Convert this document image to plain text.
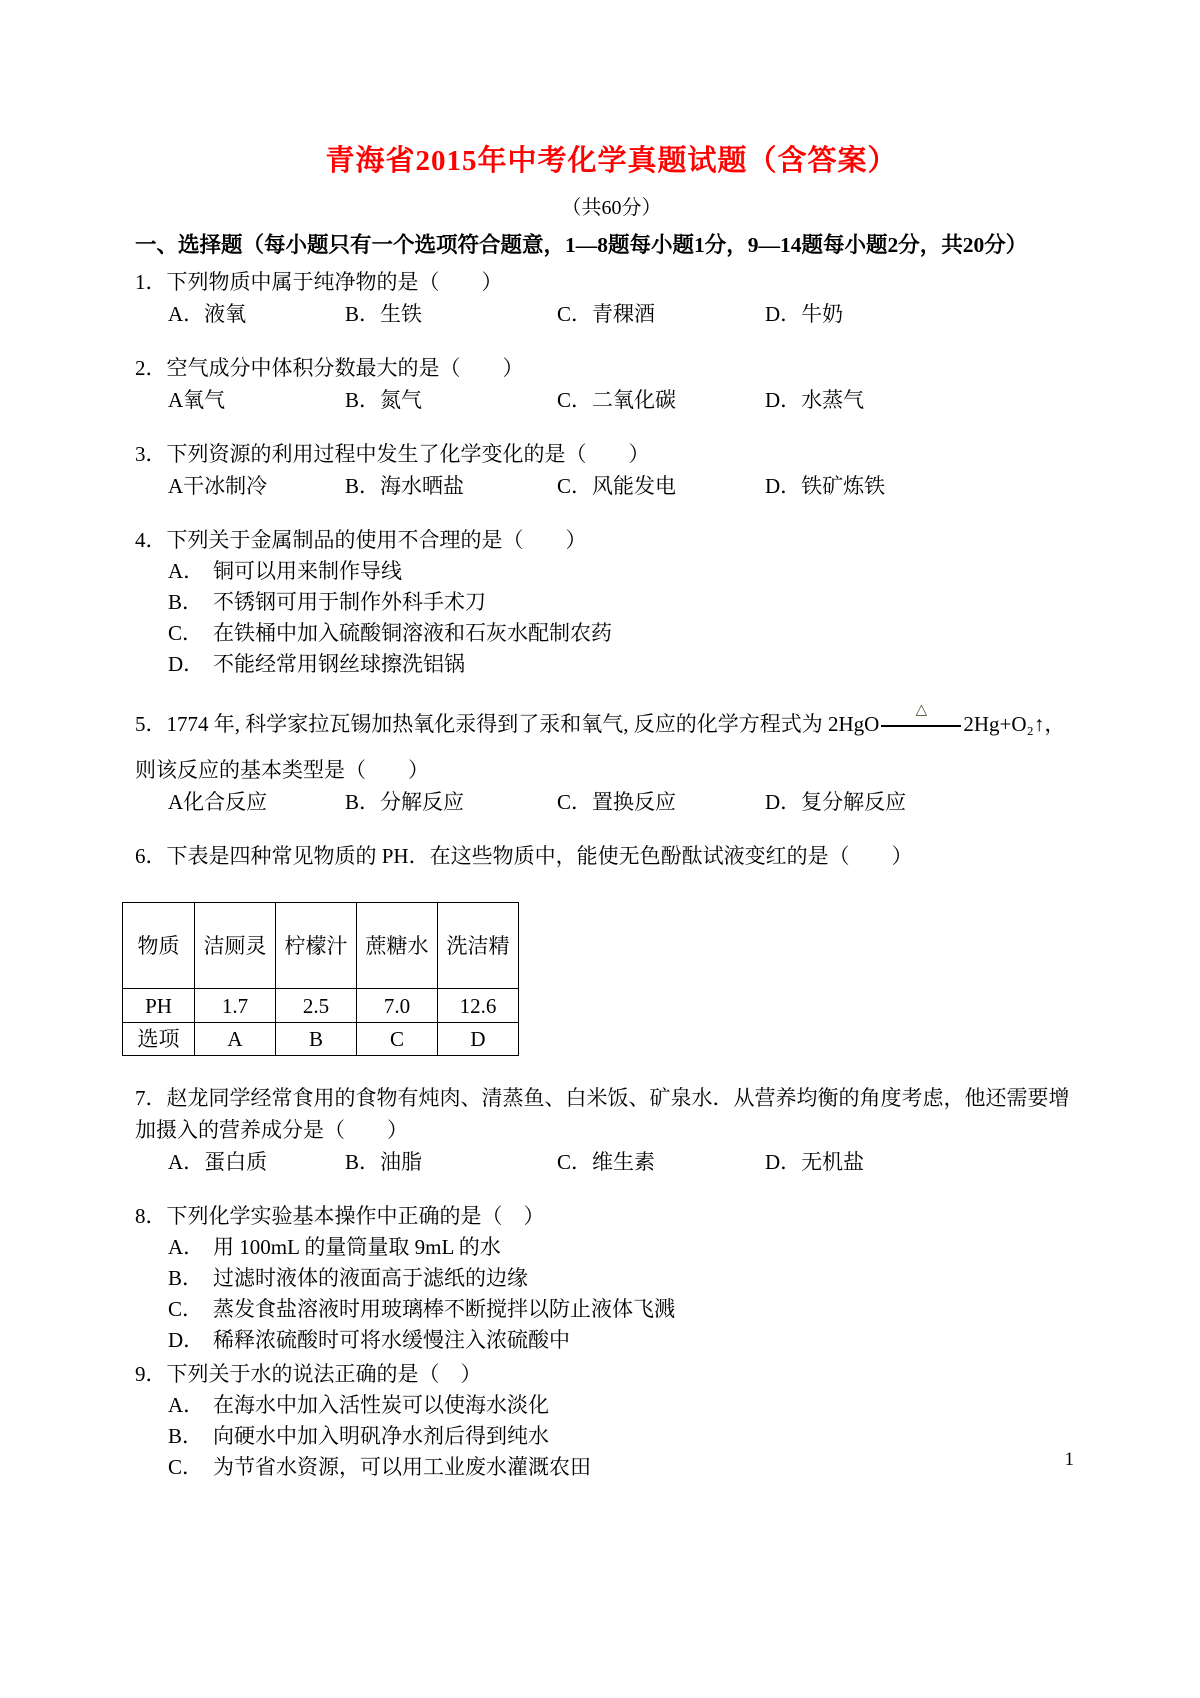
青海省2015年中考化学真题试题（含答案）
（共60分）
一、选择题（每小题只有一个选项符合题意，1—8题每小题1分，9—14题每小题2分，共20分）
1．下列物质中属于纯净物的是（　　）
A．液氧	B．生铁	C．青稞酒	D．牛奶
2．空气成分中体积分数最大的是（　　）
A氧气	B．氮气	C．二氧化碳	D．水蒸气
3．下列资源的利用过程中发生了化学变化的是（　　）
A干冰制冷	B．海水晒盐	C．风能发电	D．铁矿炼铁
4．下列关于金属制品的使用不合理的是（　　）
A． 铜可以用来制作导线
B． 不锈钢可用于制作外科手术刀
C． 在铁桶中加入硫酸铜溶液和石灰水配制农药
D． 不能经常用钢丝球擦洗铝锅
5．1774 年, 科学家拉瓦锡加热氧化汞得到了汞和氧气, 反应的化学方程式为 2HgO
△
2Hg+O₂↑，
则该反应的基本类型是（　　）
A化合反应	B．分解反应	C．置换反应	D．复分解反应
6．下表是四种常见物质的 PH．在这些物质中，能使无色酚酞试液变红的是（　　）
物质	洁厕灵	柠檬汁	蔗糖水	洗洁精
PH	1.7	2.5	7.0	12.6
选项	A	B	C	D
7．赵龙同学经常食用的食物有炖肉、清蒸鱼、白米饭、矿泉水．从营养均衡的角度考虑，他还需要增加摄入的营养成分是（　　）
A．蛋白质	B．油脂	C．维生素	D．无机盐
8．下列化学实验基本操作中正确的是（　）
A． 用 100mL 的量筒量取 9mL 的水
B． 过滤时液体的液面高于滤纸的边缘
C． 蒸发食盐溶液时用玻璃棒不断搅拌以防止液体飞溅
D． 稀释浓硫酸时可将水缓慢注入浓硫酸中
9．下列关于水的说法正确的是（　）
A． 在海水中加入活性炭可以使海水淡化
B． 向硬水中加入明矾净水剂后得到纯水
C． 为节省水资源，可以用工业废水灌溉农田	1
